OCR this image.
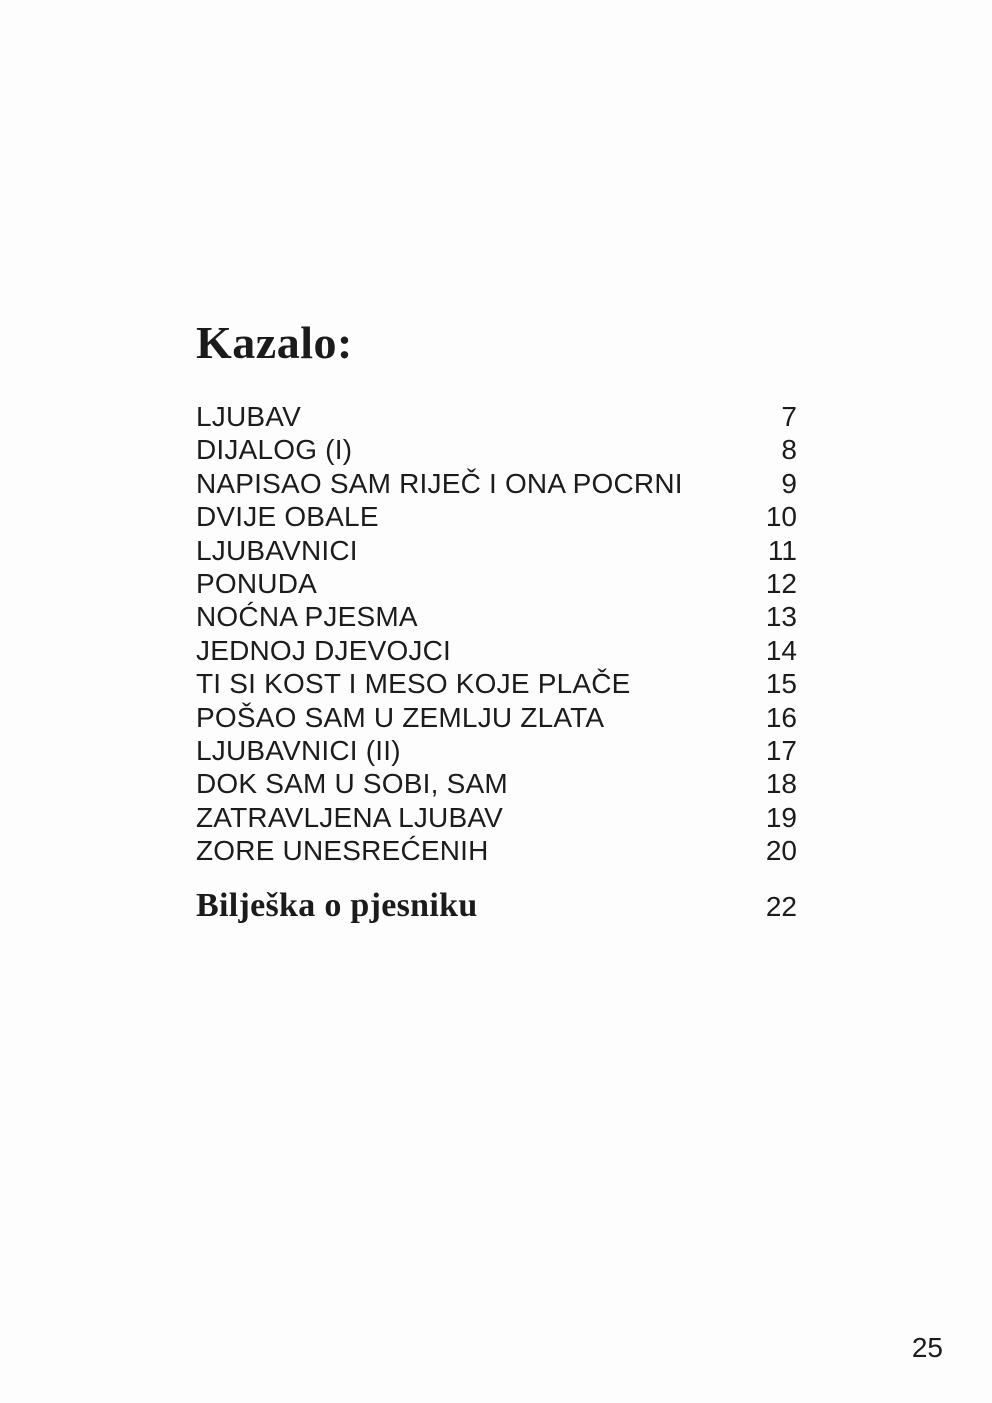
Kazalo:
LJUBAV	7
DIJALOG (I)	8
NAPISAO SAM RIJEČ I ONA POCRNI	9
DVIJE OBALE	10
LJUBAVNICI	11
PONUDA	12
NOĆNA PJESMA	13
JEDNOJ DJEVOJCI	14
TI SI KOST I MESO KOJE PLAČE	15
POŠAO SAM U ZEMLJU ZLATA	16
LJUBAVNICI (II)	17
DOK SAM U SOBI, SAM	18
ZATRAVLJENA LJUBAV	19
ZORE UNESREĆENIH	20
Bilješka o pjesniku	22
25
